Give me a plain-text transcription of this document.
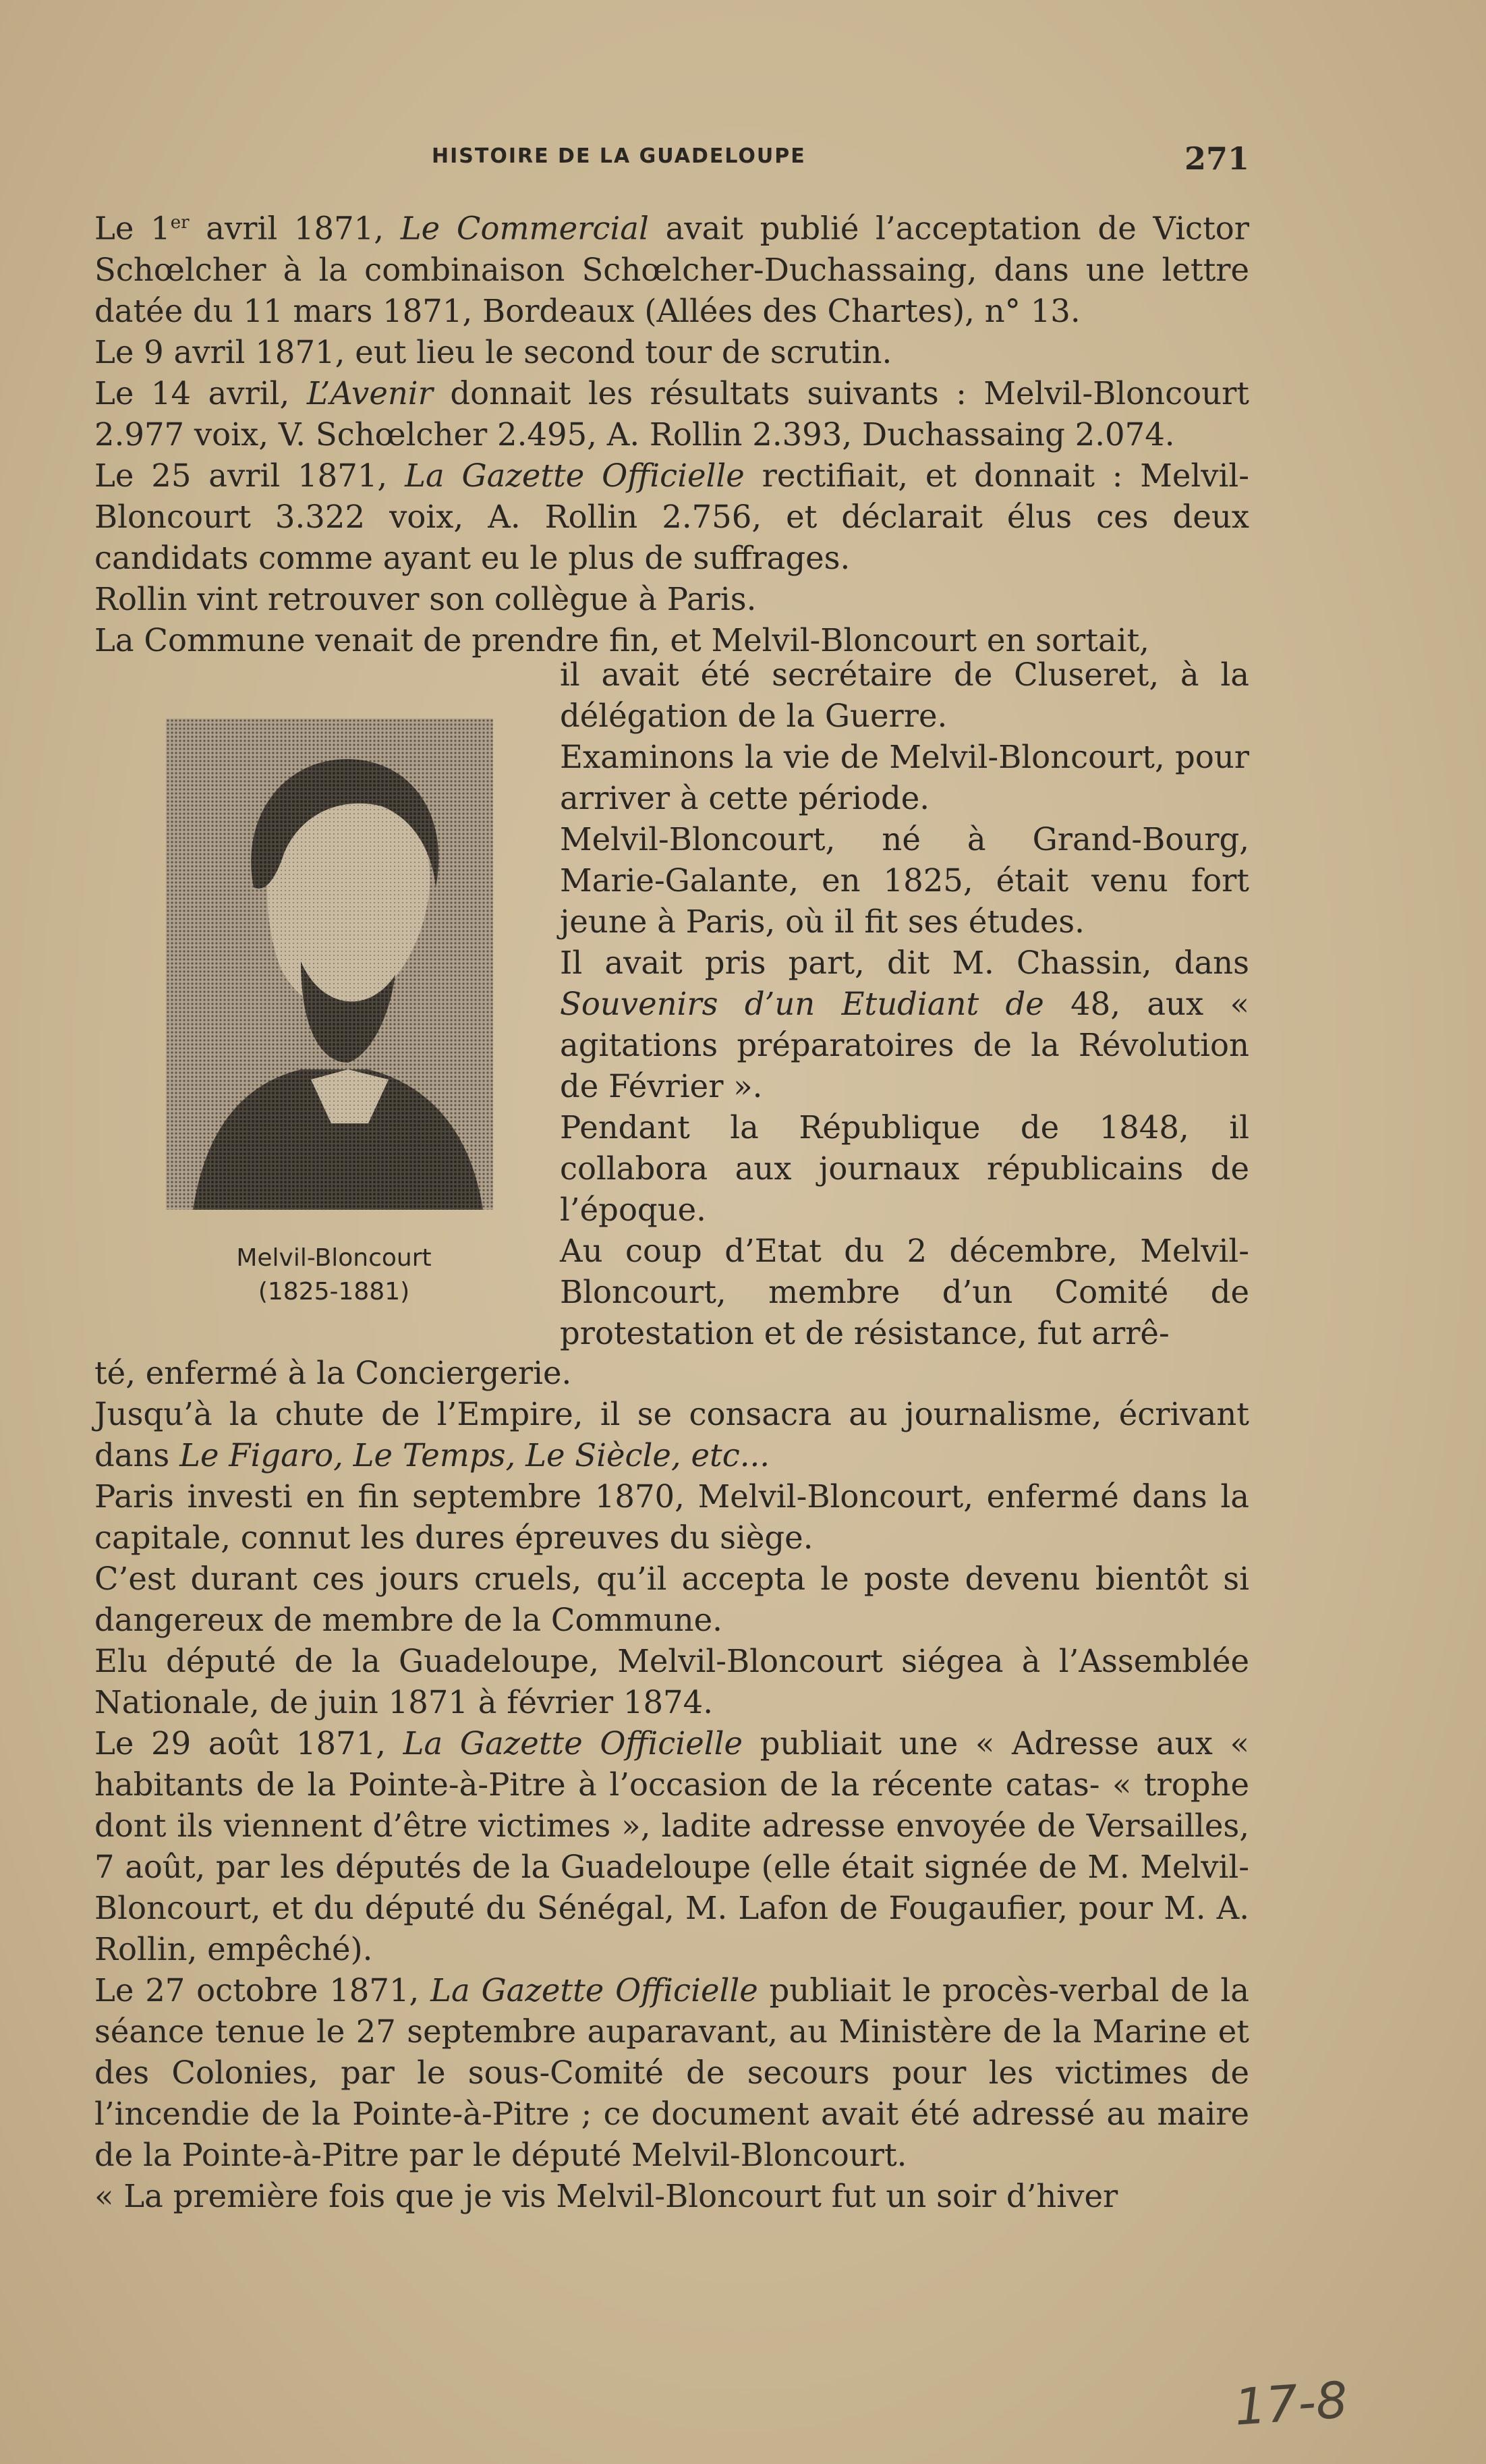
HISTOIRE DE LA GUADELOUPE	271

Le 1er avril 1871, Le Commercial avait publié l’acceptation de Victor Schœlcher à la combinaison Schœlcher-Duchassaing, dans une lettre datée du 11 mars 1871, Bordeaux (Allées des Chartes), n° 13.

Le 9 avril 1871, eut lieu le second tour de scrutin.

Le 14 avril, L’Avenir donnait les résultats suivants : Melvil-Bloncourt 2.977 voix, V. Schœlcher 2.495, A. Rollin 2.393, Duchassaing 2.074.

Le 25 avril 1871, La Gazette Officielle rectifiait, et donnait : Melvil-Bloncourt 3.322 voix, A. Rollin 2.756, et déclarait élus ces deux candidats comme ayant eu le plus de suffrages.

Rollin vint retrouver son collègue à Paris.

La Commune venait de prendre fin, et Melvil-Bloncourt en sortait,

Melvil-Bloncourt
(1825-1881)

il avait été secrétaire de Cluseret, à la délégation de la Guerre.

Examinons la vie de Melvil-Bloncourt, pour arriver à cette période.

Melvil-Bloncourt, né à Grand-Bourg, Marie-Galante, en 1825, était venu fort jeune à Paris, où il fit ses études.

Il avait pris part, dit M. Chassin, dans Souvenirs d’un Etudiant de 48, aux « agitations préparatoires de la Révolution de Février ».

Pendant la République de 1848, il collabora aux journaux républicains de l’époque.

Au coup d’Etat du 2 décembre, Melvil-Bloncourt, membre d’un Comité de protestation et de résistance, fut arrê-

té, enfermé à la Conciergerie.

Jusqu’à la chute de l’Empire, il se consacra au journalisme, écrivant dans Le Figaro, Le Temps, Le Siècle, etc...

Paris investi en fin septembre 1870, Melvil-Bloncourt, enfermé dans la capitale, connut les dures épreuves du siège.

C’est durant ces jours cruels, qu’il accepta le poste devenu bientôt si dangereux de membre de la Commune.

Elu député de la Guadeloupe, Melvil-Bloncourt siégea à l’Assemblée Nationale, de juin 1871 à février 1874.

Le 29 août 1871, La Gazette Officielle publiait une « Adresse aux « habitants de la Pointe-à-Pitre à l’occasion de la récente catas- « trophe dont ils viennent d’être victimes », ladite adresse envoyée de Versailles, 7 août, par les députés de la Guadeloupe (elle était signée de M. Melvil-Bloncourt, et du député du Sénégal, M. Lafon de Fougaufier, pour M. A. Rollin, empêché).

Le 27 octobre 1871, La Gazette Officielle publiait le procès-verbal de la séance tenue le 27 septembre auparavant, au Ministère de la Marine et des Colonies, par le sous-Comité de secours pour les victimes de l’incendie de la Pointe-à-Pitre ; ce document avait été adressé au maire de la Pointe-à-Pitre par le député Melvil-Bloncourt.

« La première fois que je vis Melvil-Bloncourt fut un soir d’hiver

17-8
